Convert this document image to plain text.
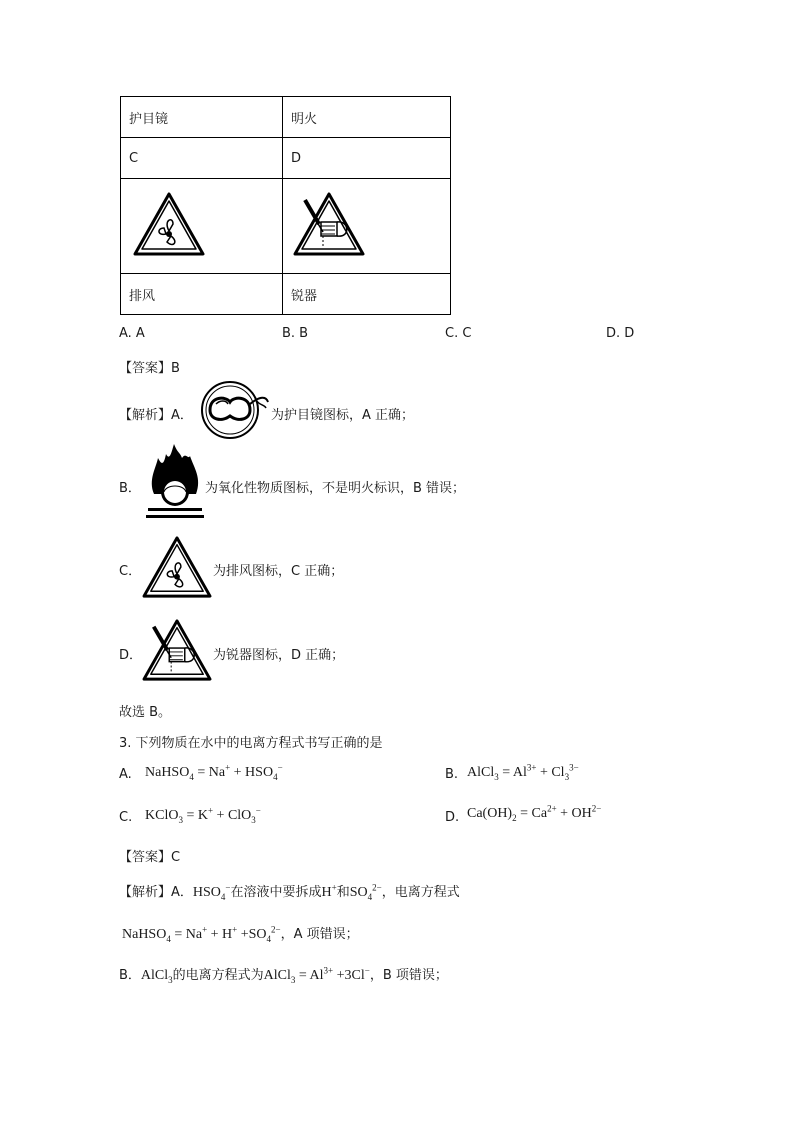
护目镜	明火
C	D

排风	锐器
A. A	B. B	C. C	D. D
【答案】B
【解析】A．	为护目镜图标，A 正确；
B．	为氧化性物质图标，不是明火标识，B 错误；
C．	为排风图标，C 正确；
D．	为锐器图标，D 正确；
故选 B。
3. 下列物质在水中的电离方程式书写正确的是
A. NaHSO$_4$ = $Na^+ + HSO_4^-$	B. AlCl$_3$ = $Al^{3+} + Cl_3^{3-}$
C. KClO$_3$ = K+ + ClO$_3$−	D. $Ca(OH)_2 = Ca^{2+} + OH^{2-}$
【答案】C
【解析】A．$HSO_4^-$在溶液中要拆成H+和$SO_4^{2-}$，电离方程式
NaHSO$_4$ = $Na^+ + H^+ +SO_4^{2-}$，A 项错误；
B．AlCl$_3$的电离方程式为AlCl$_3$ = $Al^{3+} +3Cl^-$，B 项错误；
